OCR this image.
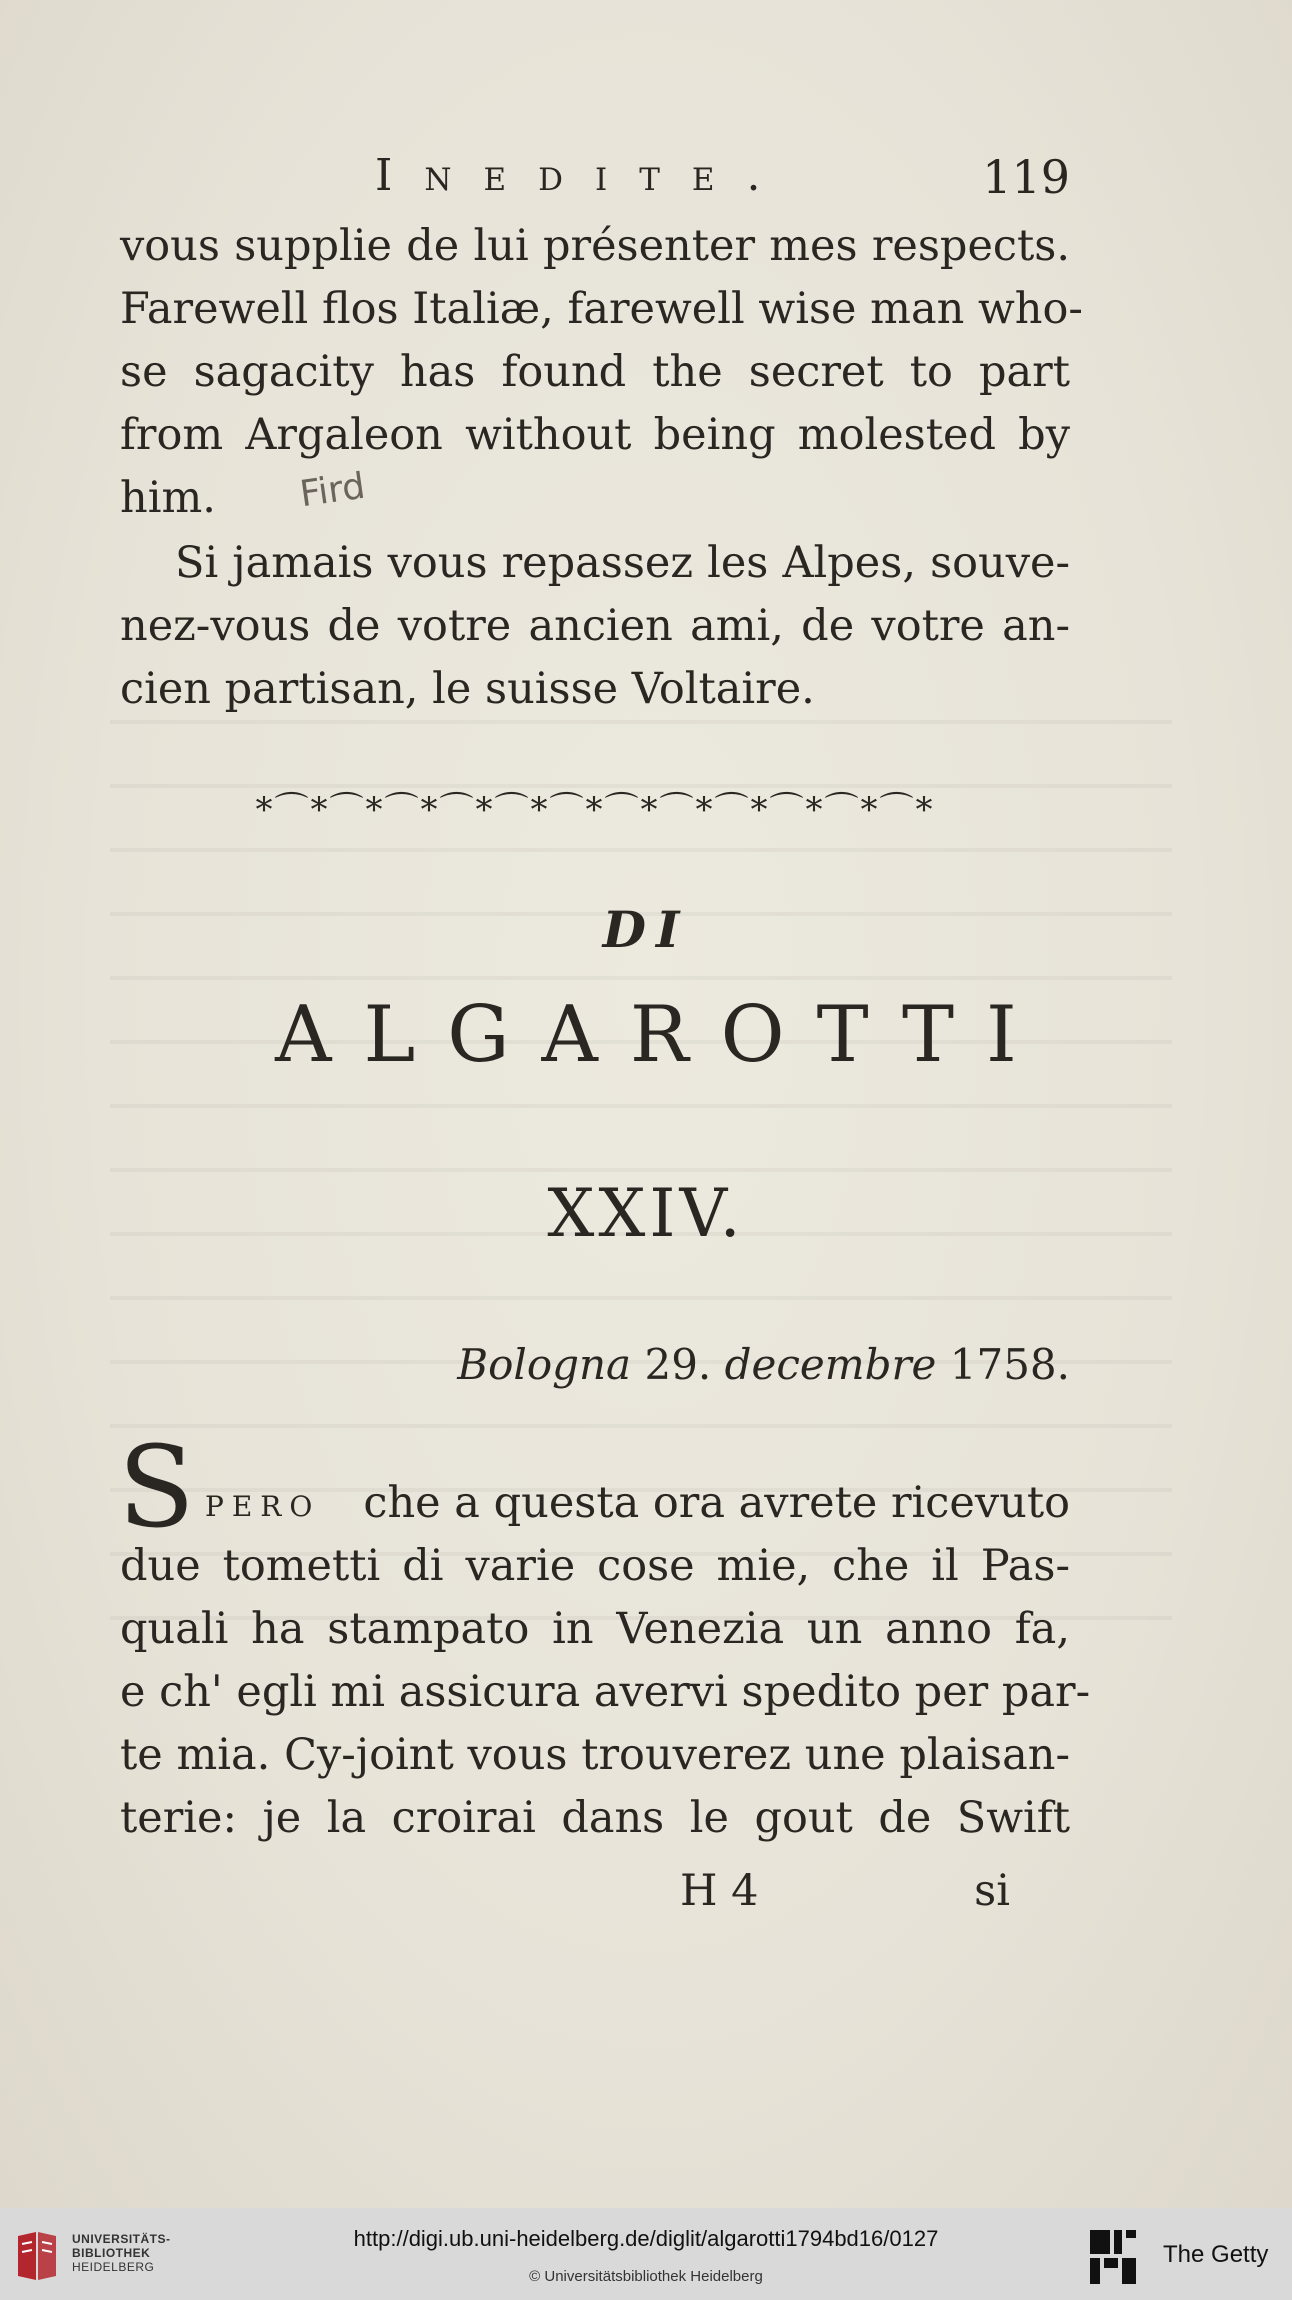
Inedite.	119
vous supplie de lui présenter mes respects.
Farewell flos Italiæ, farewell wise man who-
se sagacity has found the secret to part
from Argaleon without being molested by
him.
Si jamais vous repassez les Alpes, souve-
nez-vous de votre ancien ami, de votre an-
cien partisan, le suisse Voltaire.
Fird
*⌒*⌒*⌒*⌒*⌒*⌒*⌒*⌒*⌒*⌒*⌒*⌒*
DI
ALGAROTTI
XXIV.
Bologna 29. decembre 1758.
S pero che a questa ora avrete ricevuto
due tometti di varie cose mie, che il Pas-
quali ha stampato in Venezia un anno fa,
e ch' egli mi assicura avervi spedito per par-
te mia. Cy-joint vous trouverez une plaisan-
terie: je la croirai dans le gout de Swift
H 4	si
UNIVERSITÄTS-
BIBLIOTHEK
HEIDELBERG
http://digi.ub.uni-heidelberg.de/diglit/algarotti1794bd16/0127
© Universitätsbibliothek Heidelberg
The Getty
